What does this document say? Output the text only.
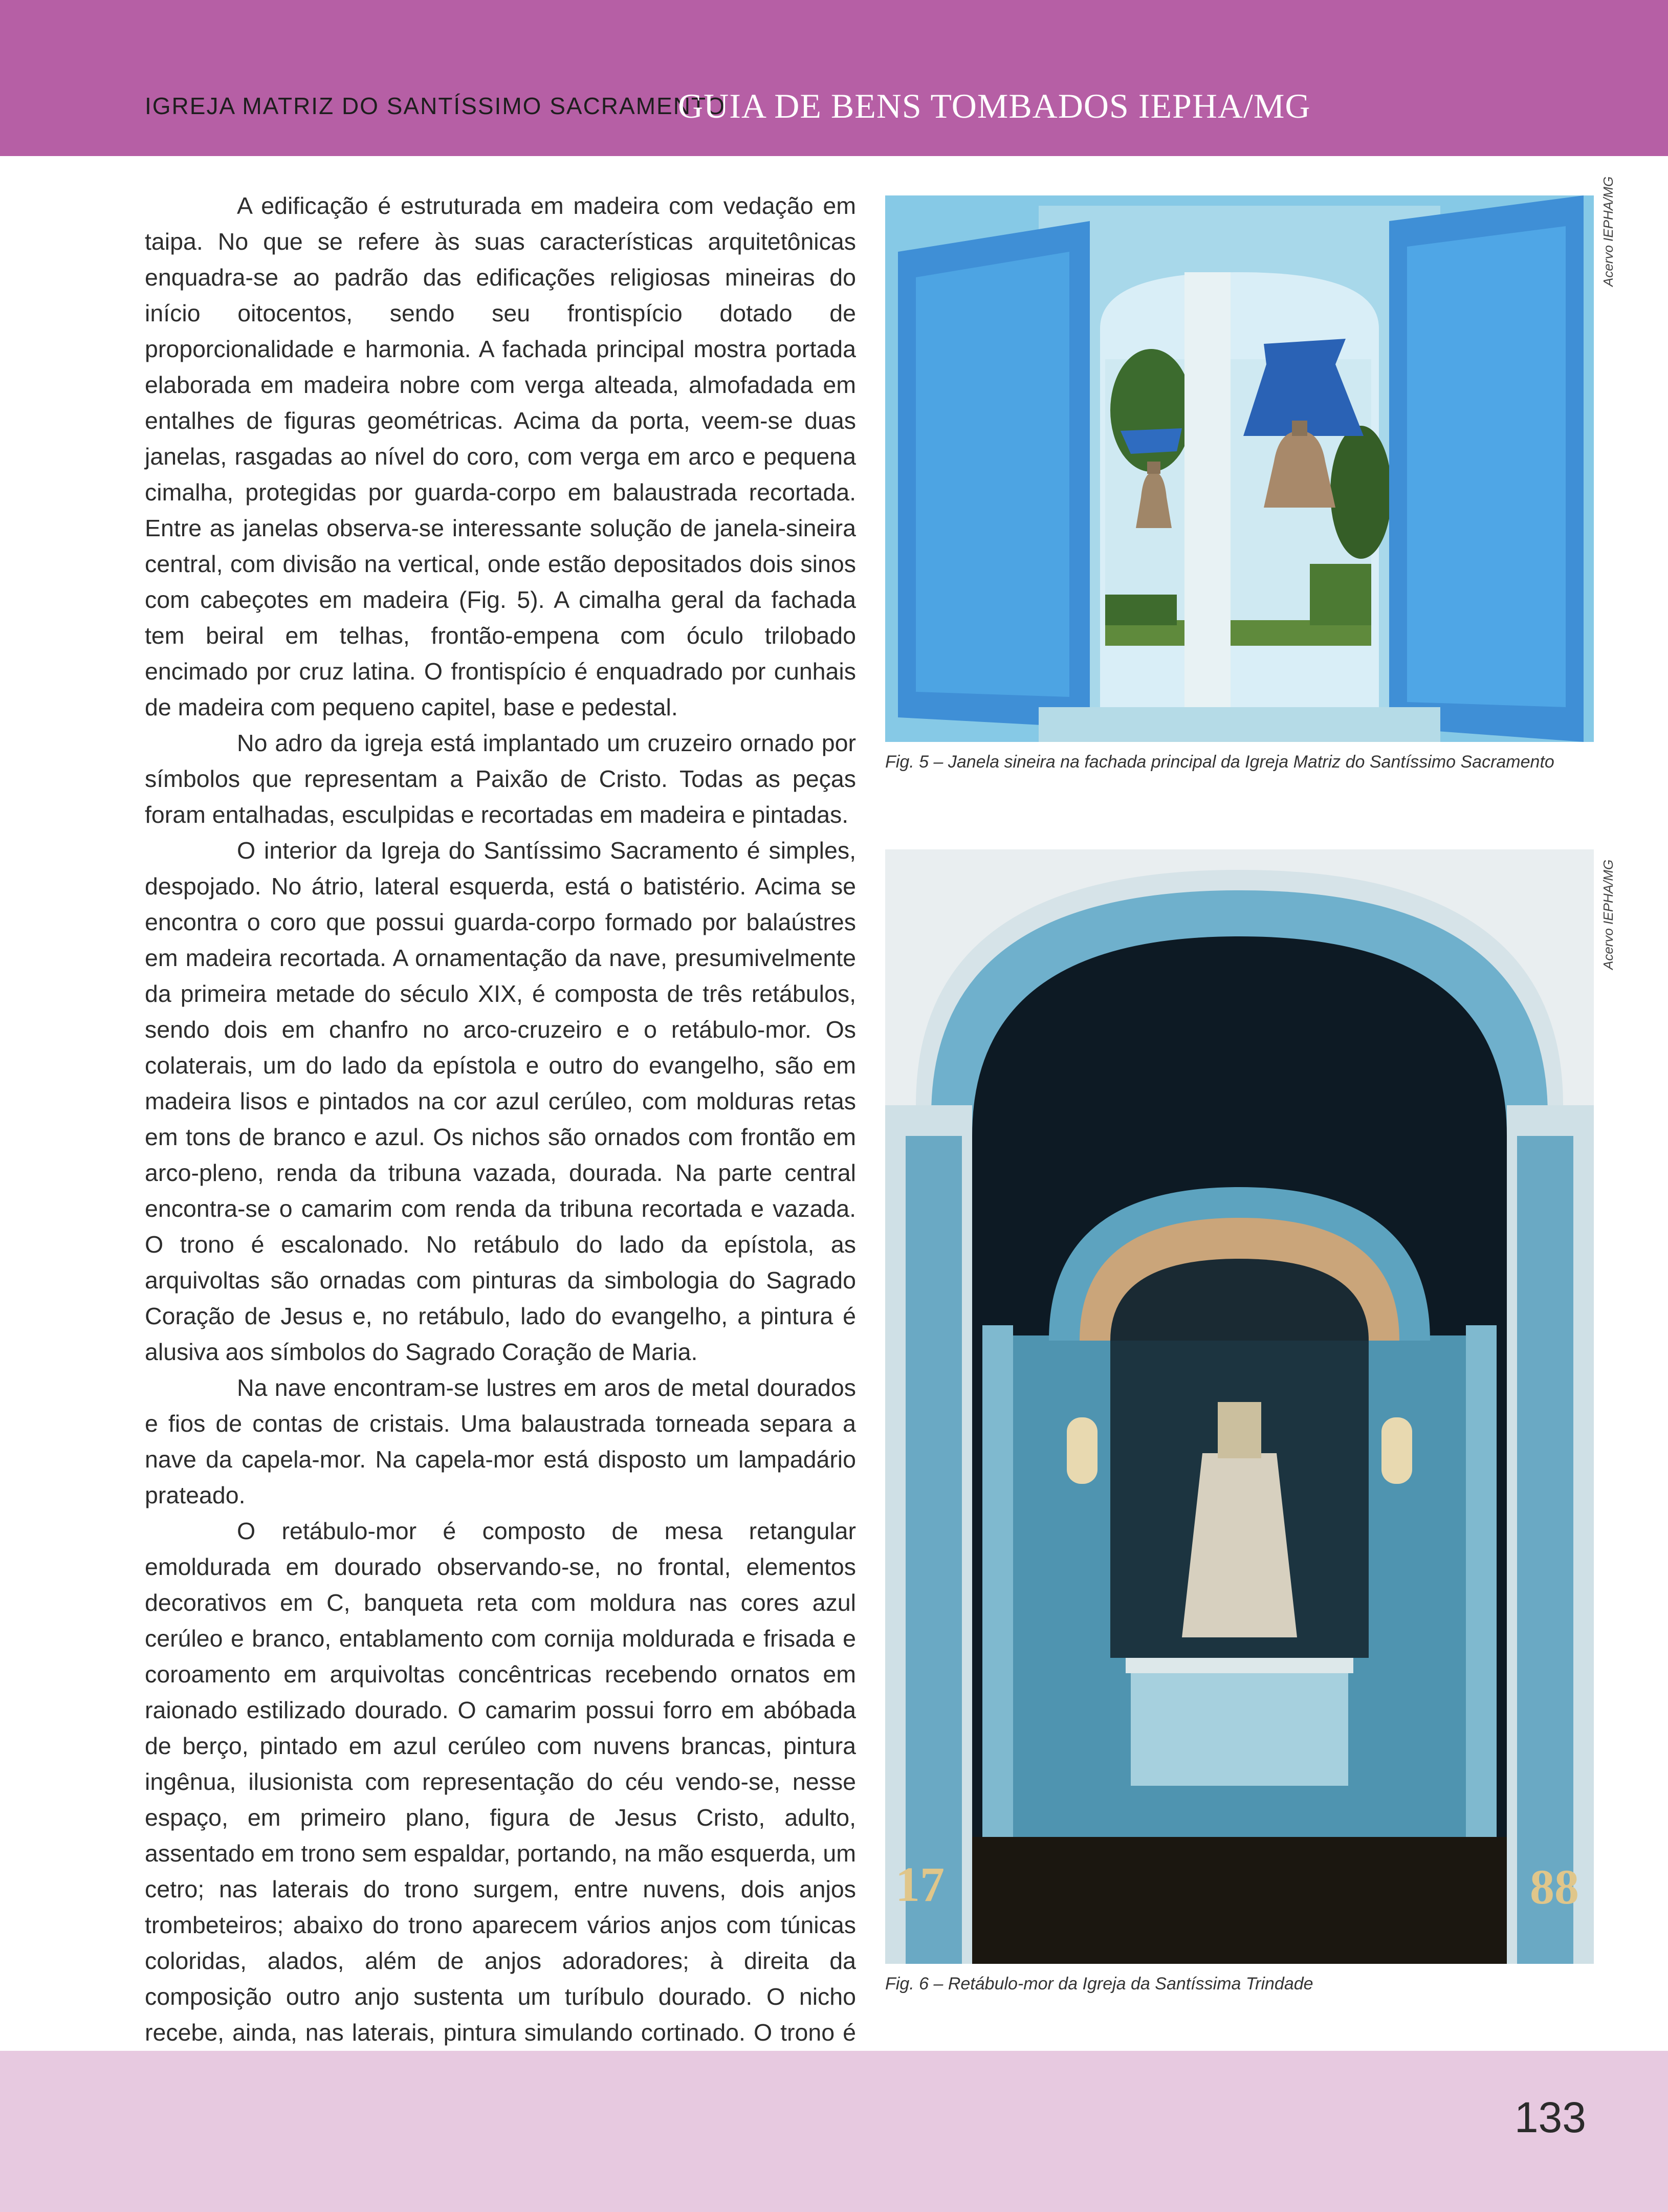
IGREJA MATRIZ DO SANTÍSSIMO SACRAMENTO
GUIA DE BENS TOMBADOS IEPHA/MG

A edificação é estruturada em madeira com vedação em taipa. No que se refere às suas características arquitetônicas enquadra-se ao padrão das edificações religiosas mineiras do início oitocentos, sendo seu frontispício dotado de proporcionalidade e harmonia. A fachada principal mostra portada elaborada em madeira nobre com verga alteada, almofadada em entalhes de figuras geométricas. Acima da porta, veem-se duas janelas, rasgadas ao nível do coro, com verga em arco e pequena cimalha, protegidas por guarda-corpo em balaustrada recortada. Entre as janelas observa-se interessante solução de janela-sineira central, com divisão na vertical, onde estão depositados dois sinos com cabeçotes em madeira (Fig. 5). A cimalha geral da fachada tem beiral em telhas, frontão-empena com óculo trilobado encimado por cruz latina. O frontispício é enquadrado por cunhais de madeira com pequeno capitel, base e pedestal.

No adro da igreja está implantado um cruzeiro ornado por símbolos que representam a Paixão de Cristo. Todas as peças foram entalhadas, esculpidas e recortadas em madeira e pintadas.

O interior da Igreja do Santíssimo Sacramento é simples, despojado. No átrio, lateral esquerda, está o batistério. Acima se encontra o coro que possui guarda-corpo formado por balaústres em madeira recortada. A ornamentação da nave, presumivelmente da primeira metade do século XIX, é composta de três retábulos, sendo dois em chanfro no arco-cruzeiro e o retábulo-mor. Os colaterais, um do lado da epístola e outro do evangelho, são em madeira lisos e pintados na cor azul cerúleo, com molduras retas em tons de branco e azul. Os nichos são ornados com frontão em arco-pleno, renda da tribuna vazada, dourada. Na parte central encontra-se o camarim com renda da tribuna recortada e vazada. O trono é escalonado. No retábulo do lado da epístola, as arquivoltas são ornadas com pinturas da simbologia do Sagrado Coração de Jesus e, no retábulo, lado do evangelho, a pintura é alusiva aos símbolos do Sagrado Coração de Maria.

Na nave encontram-se lustres em aros de metal dourados e fios de contas de cristais. Uma balaustrada torneada separa a nave da capela-mor. Na capela-mor está disposto um lampadário prateado.

O retábulo-mor é composto de mesa retangular emoldurada em dourado observando-se, no frontal, elementos decorativos em C, banqueta reta com moldura nas cores azul cerúleo e branco, entablamento com cornija moldurada e frisada e coroamento em arquivoltas concêntricas recebendo ornatos em raionado estilizado dourado. O camarim possui forro em abóbada de berço, pintado em azul cerúleo com nuvens brancas, pintura ingênua, ilusionista com representação do céu vendo-se, nesse espaço, em primeiro plano, figura de Jesus Cristo, adulto, assentado em trono sem espaldar, portando, na mão esquerda, um cetro; nas laterais do trono surgem, entre nuvens, dois anjos trombeteiros; abaixo do trono aparecem vários anjos com túnicas coloridas, alados, além de anjos adoradores; à direita da composição outro anjo sustenta um turíbulo dourado. O nicho recebe, ainda, nas laterais, pintura simulando cortinado. O trono é

Acervo IEPHA/MG
Fig. 5 – Janela sineira na fachada principal da Igreja Matriz do Santíssimo Sacramento
17	88
Acervo IEPHA/MG
Fig. 6 – Retábulo-mor da Igreja da Santíssima Trindade
133
